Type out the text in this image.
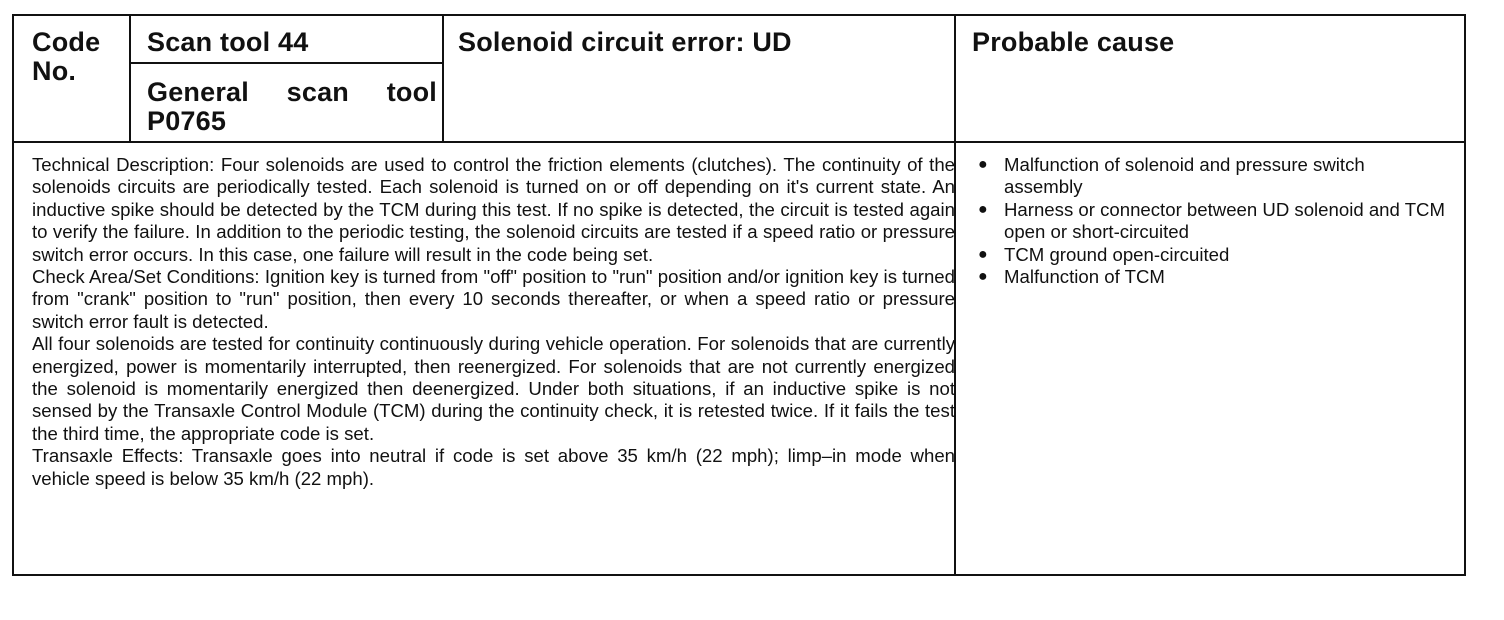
Code No.
Scan tool 44
General scan tool P0765
Solenoid circuit error: UD	Probable cause

Technical Description: Four solenoids are used to control the friction elements (clutches). The continuity of the solenoids circuits are periodically tested. Each solenoid is turned on or off depending on it's current state. An inductive spike should be detected by the TCM during this test. If no spike is detected, the circuit is tested again to verify the failure. In addition to the periodic testing, the solenoid circuits are tested if a speed ratio or pressure switch error occurs. In this case, one failure will result in the code being set.

Check Area/Set Conditions: Ignition key is turned from "off" position to "run" position and/or ignition key is turned from "crank" position to "run" position, then every 10 seconds thereafter, or when a speed ratio or pressure switch error fault is detected.

All four solenoids are tested for continuity continuously during vehicle operation. For solenoids that are currently energized, power is momentarily interrupted, then reenergized. For solenoids that are not currently energized the solenoid is momentarily energized then deenergized. Under both situations, if an inductive spike is not sensed by the Transaxle Control Module (TCM) during the continuity check, it is retested twice. If it fails the test the third time, the appropriate code is set.

Transaxle Effects: Transaxle goes into neutral if code is set above 35 km/h (22 mph); limp–in mode when vehicle speed is below 35 km/h (22 mph).

● Malfunction of solenoid and pressure switch assembly
● Harness or connector between UD solenoid and TCM open or short-circuited
● TCM ground open-circuited
● Malfunction of TCM
